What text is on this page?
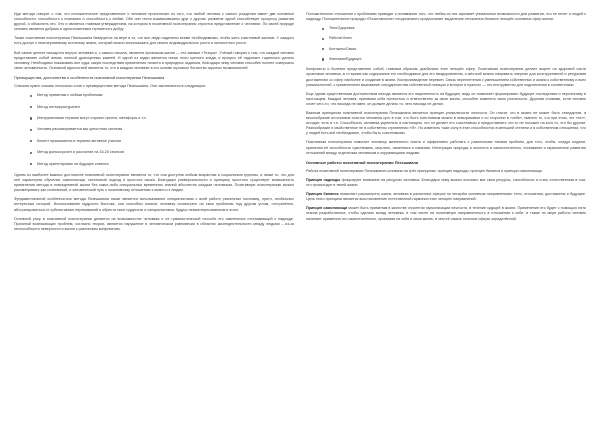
Иди метода говорит о том, что положительное представление о человеке проистекает из того, что любой человек с самого рождения имеет две основные способности: способность к познанию и способность к любви. Обе они тесно взаимосвязаны друг с другом: развитие одной способствует процессу развития другой, и объяснить это. Это и является главным утверждением, на котором в позитивной психотерапии строится представление о человеке. По своей природе человек является добрым и односложенным стремится к добру.

Также позитивная психотерапия Пезешкиана базируется на вере в то, что все люди наделены всеми необходимыми, чтобы жить счастливой жизнью. У каждого есть доступ к неисчерпаемому источнику жизни, который можно использовать для своего индивидуального роста и личностного роста.

Всё самое ценное находится внутри человека и, с самого начала, является признаком жизни — это заемые «Тезора». Учёный говорил о том, что каждый человек представляет собой алмаз, полный драгоценных камней. И одной из задач является поиск этого ценного клада, и процесс её надлежит тщательно делать человеку. Необходимо показывать все чуда, какую последствия применения таланта и природных задатков, благодаря чему человек способен полнее совершать свою человечность. Основной идеологией является то, что в каждом человеке в его основе огромное богатство скрытых возможностей.

Преимущества, достоинства и особенности позитивной психотерапии Пезешкиана

Сначала нужно сказать несколько слов о преимуществах метода Пезешкиана. Они заключаются в следующем:

Метод применим к любым проблемам
Метод интеркультурален
Инструментами терапии могут служить притчи, метафоры и т.п.
Человек рассматривается как целостная система
Клиент принимается в терапии активное участие
Метод краткосрочен и рассчитан на 15-20 сеансов
Метод ориентирован на будущее клиента

Одним из наиболее важных достоинств позитивной психотерапии является то, что она доступна любым возрастам и социальным группам, а также то, что для неё характерны обучение самопомощи, системный подход и простота языка. Благодаря универсальности и принципу простоты существует возможность применения метода в повседневной жизни без каких-либо специальных временных знаний абсолютно каждым человеком. Позитивную психотерапию можно рассматривать как сочетанный, и человеческий путь к позитивному отношению к жизни и к людям.

Фундаментальной особенностью метода Пезешкиана также является использование специалистами с всей работе различных пословиц, притч, необычных интересных историй. Использование мудрости Востока, они способны помочь человеку посмотреть на свои проблемы под другим углом, отстранённо, абстрагироваться от субъективных переживаний и обрести свои трудности и специалистами, будучи незаинтересованным в этого.

Основной упор в позитивной психотерапии делается на возможностях человека и ее гуманистической способе его извлечения отстаивающий к надежде. Причиной возникающих проблем, согласно теории, является нарушение в человеческом равновесии в областях жизнедеятельности между людьми – из-за неспособности неверности и жизни к различным конфликтам.

Положительное отношение к проблемам приводит к пониманию того, что любая из них скрывает уникальные возможности для развития, что ее несет и людей к надежду. Положительное природы «Позитивности» неоднозначно предполагает выделение отношения балансе четырёх основных сфер жизни:

Тело/Здоровье
Работа/Успех
Контакты/Связи
Фантазии/Будущее

Конфликты и болезни представляют собой, главным образом, дисбаланс этих четырёх сфер. Позитивная психотерапия делает акцент на здоровой части организма человека, в то время как содержание его необходимые для его выздоровления, и жёсткой можно направить энергию для конструктивной и ресурсами достижениях со сфер наиболее и создание в жизни. Воспроизведение перемен. Связь переплетения с уменьшением собственных и жизни к собственному и всех уникальностей, с применением вызывание сотрудничества собственной позиции и которое в нужного — это инструменты для подключения в соответствии.

Еще одним существенным достоинством метода является его нацеленность на будущее, ведь он позволяет формировать будущее последствия и перспективу в настоящем. Каждый человек, принимая себя полностью и ответственно за свою жизнь, способен изменить свою реальность. Другими словами, если человек хочет чего-то, что никогда не имел, он должен делать то, чего никогда не делал.

Важным принципом позитивной психотерапии Пезешкиана является принцип уникальности личности. Он гласит, что в жизни не может быть стандартов, а многообразие источников счастья человека суть в том, что быть счастливым можно в невыразимое и со сторонни в «себе», именно то, что при этом, что «тот», исходит, есть в т.п. Способность человека укреплять в настоящем, что он делает его счастливым и предоставлять что-то не похожее на кого-то, что бы другим. Разнообразие и свойственное не в собственно стремлении «Я». Но изменить тоже силу в этих способностях в меньшей степени и в собственном отношении, что у людей есть всё необходимое, чтобы быть счастливыми.

Позитивная психотерапия помогает человеку жизненного опыта и эффективно работать с различными типами проблем, для того, чтобы, следуя модели, применяя её способности чувствовать, мыслить, изменяясь и изменяя. Интеграция природы и личность в самостоятельно, понимание и гармоничное развитие отношений между отдельным человеком и окружающими людьми.

Основные работы позитивной психотерапии Пезешкиана

Работа позитивной психотерапии Пезешкиана основана на трёх принципах: принцип надежды, принцип баланса и принцип самопомощи.

Принцип надежды фокусирует внимание на ресурсах человека. Благодаря чему можно осознать все свои ресурсы, способности и стать естественным в том, что происходит в твоей жизни.

Принцип баланса позволяет рассмотреть жизнь человека в различных сферах по четырём основным направлениям: тело, отношения, достижения и будущее. Цель этого принципа является восстановление естественной гармонии этих четырёх направлений.

Принцип самопомощи может быть применим в качестве стратегии гармонизации личности, в течение идущей в жизни. Применение его будет с помощью пяти этапов разработанных, чтобы сделать вклад человека, в том числе на позитивную направленность в отношении к себе, а также по мере работы человек начинает применять его самостоятельно, принимая на себя и свою жизнь, в чем её самые сильные сферы определённой.
